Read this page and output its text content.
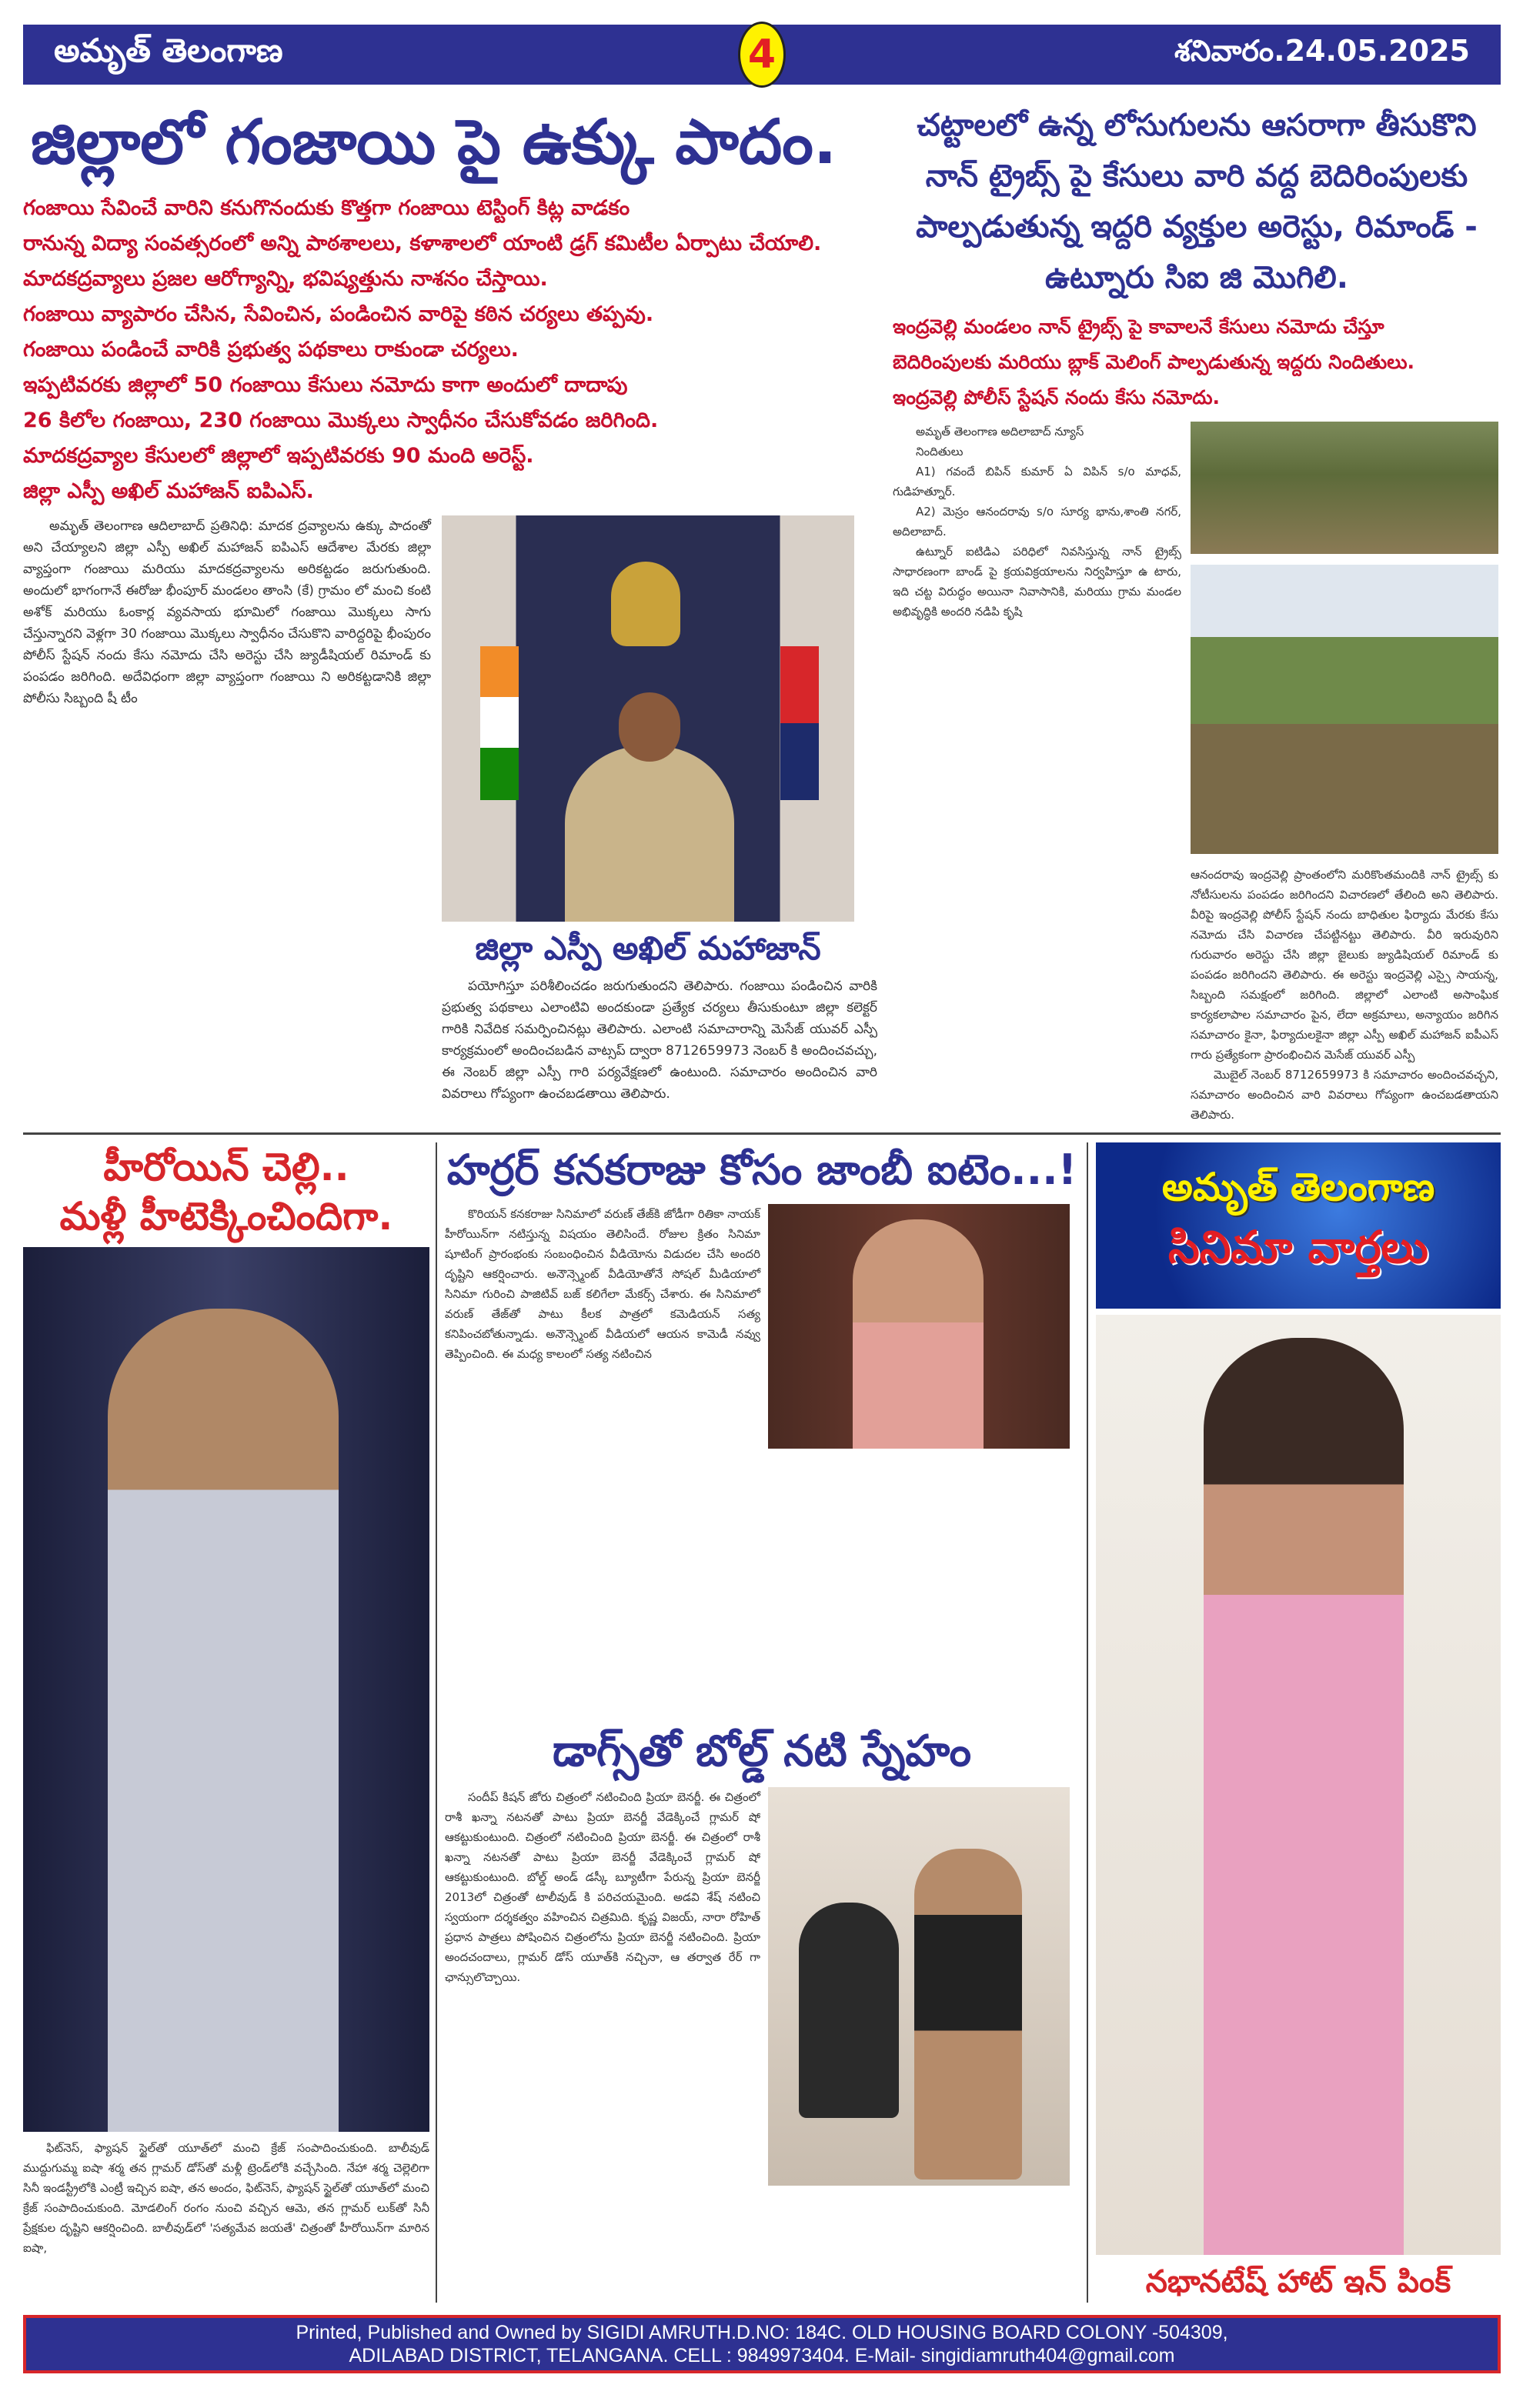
అమృత్ తెలంగాణ	4	శనివారం.24.05.2025
జిల్లాలో గంజాయి పై ఉక్కు పాదం.
గంజాయి సేవించే వారిని కనుగొనందుకు కొత్తగా గంజాయి టెస్టింగ్ కిట్ల వాడకం
రానున్న విద్యా సంవత్సరంలో అన్ని పాఠశాలలు, కళాశాలలో యాంటి డ్రగ్ కమిటీల ఏర్పాటు చేయాలి.
మాదకద్రవ్యాలు ప్రజల ఆరోగ్యాన్ని, భవిష్యత్తును నాశనం చేస్తాయి.
గంజాయి వ్యాపారం చేసిన, సేవించిన, పండించిన వారిపై కఠిన చర్యలు తప్పవు.
గంజాయి పండించే వారికి ప్రభుత్వ పథకాలు రాకుండా చర్యలు.
ఇప్పటివరకు జిల్లాలో 50 గంజాయి కేసులు నమోదు కాగా అందులో దాదాపు
26 కిలోల గంజాయి, 230 గంజాయి మొక్కలు స్వాధీనం చేసుకోవడం జరిగింది.
మాదకద్రవ్యాల కేసులలో జిల్లాలో ఇప్పటివరకు 90 మంది అరెస్ట్.
జిల్లా ఎస్పీ అఖిల్ మహాజన్ ఐపిఎస్.

అమృత్ తెలంగాణ ఆదిలాబాద్ ప్రతినిధి: మాదక ద్రవ్యాలను ఉక్కు పాదంతో అని చేయ్యాలని జిల్లా ఎస్పీ అఖిల్ మహాజన్ ఐపిఎస్ ఆదేశాల మేరకు జిల్లా వ్యాప్తంగా గంజాయి మరియు మాదకద్రవ్యాలను అరికట్టడం జరుగుతుంది. అందులో భాగంగానే ఈరోజు భీంపూర్ మండలం తాంసి (కే) గ్రామం లో మంచి కంటి అశోక్ మరియు ఓంకార్ల వ్యవసాయ భూమిలో గంజాయి మొక్కలు సాగు చేస్తున్నారని వెళ్లగా 30 గంజాయి మొక్కలు స్వాధీనం చేసుకొని వారిద్దరిపై భీంపురం పోలీస్ స్టేషన్ నందు కేసు నమోదు చేసి అరెస్టు చేసి జ్యుడీషియల్ రిమాండ్ కు పంపడం జరిగింది. అదేవిధంగా జిల్లా వ్యాప్తంగా గంజాయి ని అరికట్టడానికి జిల్లా పోలీసు సిబ్బంది షీ టీం

జిల్లా ఎస్పీ అఖిల్ మహాజాన్

పయోగిస్తూ పరిశీలించడం జరుగుతుందని తెలిపారు. గంజాయి పండించిన వారికి ప్రభుత్వ పథకాలు ఎలాంటివి అందకుండా ప్రత్యేక చర్యలు తీసుకుంటూ జిల్లా కలెక్టర్ గారికి నివేదిక సమర్పించినట్లు తెలిపారు. ఎలాంటి సమాచారాన్ని మెసేజ్ యువర్ ఎస్పీ కార్యక్రమంలో అందించబడిన వాట్సప్ ద్వారా 8712659973 నెంబర్ కి అందించవచ్చు, ఈ నెంబర్ జిల్లా ఎస్పీ గారి పర్యవేక్షణలో ఉంటుంది. సమాచారం అందించిన వారి వివరాలు గోప్యంగా ఉంచబడతాయి తెలిపారు.

చట్టాలలో ఉన్న లోసుగులను ఆసరాగా తీసుకొని నాన్ ట్రైబ్స్ పై కేసులు వారి వద్ద బెదిరింపులకు పాల్పడుతున్న ఇద్దరి వ్యక్తుల అరెస్టు, రిమాండ్ - ఉట్నూరు సిఐ జి మొగిలి.
ఇంద్రవెల్లి మండలం నాన్ ట్రైబ్స్ పై కావాలనే కేసులు నమోదు చేస్తూ
బెదిరింపులకు మరియు బ్లాక్ మెలింగ్ పాల్పడుతున్న ఇద్దరు నిందితులు.
ఇంద్రవెల్లి పోలీస్ స్టేషన్ నందు కేసు నమోదు.

అమృత్ తెలంగాణ అదిలాబాద్ న్యూస్

నిందితులు

A1) గవందే బిపిన్ కుమార్ ఏ విపిన్ s/o మాధవ్, గుడిహత్నూర్.

A2) మెస్రం ఆనందరావు s/o సూర్య భాను,శాంతి నగర్, అదిలాబాద్.

ఉట్నూర్ ఐటిడిఎ పరిధిలో నివసిస్తున్న నాన్ ట్రైబ్స్ సాధారణంగా బాండ్ పై క్రయవిక్రయాలను నిర్వహిస్తూ ఉ టారు, ఇది చట్ట విరుద్ధం అయినా నివాసానికి, మరియు గ్రామ మండల అభివృద్ధికి అందరి నడిపి కృషి

ఆనందరావు ఇంద్రవెల్లి ప్రాంతంలోని మరికొంతమందికి నాన్ ట్రైబ్స్ కు నోటీసులను పంపడం జరిగిందని విచారణలో తేలింది అని తెలిపారు. వీరిపై ఇంద్రవెల్లి పోలీస్ స్టేషన్ నందు బాధితుల ఫిర్యాదు మేరకు కేసు నమోదు చేసి విచారణ చేపట్టినట్టు తెలిపారు. వీరి ఇరువురిని గురువారం అరెస్టు చేసి జిల్లా జైలుకు జ్యుడిషియల్ రిమాండ్ కు పంపడం జరిగిందని తెలిపారు. ఈ అరెస్టు ఇంద్రవెల్లి ఎస్సై సాయన్న, సిబ్బంది సమక్షంలో జరిగింది. జిల్లాలో ఎలాంటి అసాంఘిక కార్యకలాపాల సమాచారం పైన, లేదా అక్రమాలు, అన్యాయం జరిగిన సమాచారం కైనా, ఫిర్యాదులకైనా జిల్లా ఎస్పీ అఖిల్ మహాజన్ ఐపీఎస్ గారు ప్రత్యేకంగా ప్రారంభించిన మెసేజ్ యువర్ ఎస్పీ

మొబైల్ నెంబర్ 8712659973 కి సమాచారం అందించవచ్చని, సమాచారం అందించిన వారి వివరాలు గోప్యంగా ఉంచబడతాయని తెలిపారు.

హీరోయిన్ చెల్లి..
మళ్లీ హీటెక్కించిందిగా.

ఫిట్‌నెస్, ఫ్యాషన్ స్టైల్‌తో యూత్‌లో మంచి క్రేజ్ సంపాదించుకుంది. బాలీవుడ్ ముద్దుగుమ్మ ఐషా శర్మ తన గ్లామర్ డోస్‌తో మళ్లీ ట్రెండ్‌లోకి వచ్చేసింది. నేహా శర్మ చెల్లెలిగా సినీ ఇండస్ట్రీలోకి ఎంట్రీ ఇచ్చిన ఐషా, తన అందం, ఫిట్‌నెస్, ఫ్యాషన్ స్టైల్‌తో యూత్‌లో మంచి క్రేజ్ సంపాదించుకుంది. మోడలింగ్ రంగం నుంచి వచ్చిన ఆమె, తన గ్లామర్ లుక్‌తో సినీ ప్రేక్షకుల దృష్టిని ఆకర్షించింది. బాలీవుడ్‌లో 'సత్యమేవ జయతే' చిత్రంతో హీరోయిన్‌గా మారిన ఐషా,

హర్రర్ కనకరాజు కోసం జాంబీ ఐటెం...!

కొరియన్ కనకరాజు సినిమాలో వరుణ్ తేజ్‌కి జోడీగా రితికా నాయక్ హీరోయిన్‌గా నటిస్తున్న విషయం తెలిసిందే. రోజుల క్రితం సినిమా షూటింగ్ ప్రారంభంకు సంబంధించిన వీడియోను విడుదల చేసి అందరి దృష్టిని ఆకర్షించారు. అనౌన్స్మెంట్ వీడియోతోనే సోషల్ మీడియాలో సినిమా గురించి పాజిటివ్ బజ్ కలిగేలా మేకర్స్ చేశారు. ఈ సినిమాలో వరుణ్ తేజ్‌తో పాటు కీలక పాత్రలో కమెడియన్ సత్య కనిపించబోతున్నాడు. అనౌన్స్మెంట్ వీడియలో ఆయన కామెడీ నవ్వు తెప్పించింది. ఈ మధ్య కాలంలో సత్య నటించిన

డాగ్స్‌తో బోల్డ్ నటి స్నేహం

సందీప్ కిషన్ జోరు చిత్రంలో నటించింది ప్రియా బెనర్జీ. ఈ చిత్రంలో రాశీ ఖన్నా నటనతో పాటు ప్రియా బెనర్జీ వేడెక్కించే గ్లామర్ షో ఆకట్టుకుంటుంది. చిత్రంలో నటించింది ప్రియా బెనర్జీ. ఈ చిత్రంలో రాశీ ఖన్నా నటనతో పాటు ప్రియా బెనర్జీ వేడెక్కించే గ్లామర్ షో ఆకట్టుకుంటుంది. బోల్డ్ అండ్ డస్కీ బ్యూటీగా పేరున్న ప్రియా బెనర్జీ 2013లో చిత్రంతో టాలీవుడ్ కి పరిచయమైంది. అడవి శేష్ నటించి స్వయంగా దర్శకత్వం వహించిన చిత్రమిది. కృష్ణ విజయ్, నారా రోహిత్ ప్రధాన పాత్రలు పోషించిన చిత్రంలోను ప్రియా బెనర్జీ నటించింది. ప్రియా అందచందాలు, గ్లామర్ డోస్ యూత్‌కి నచ్చినా, ఆ తర్వాత రేర్ గా ఛాన్సులొచ్చాయి.

అమృత్ తెలంగాణ
సినిమా వార్తలు
నభానటేష్ హాట్ ఇన్ పింక్
Printed, Published and Owned by SIGIDI AMRUTH.D.NO: 184C. OLD HOUSING BOARD COLONY -504309,
ADILABAD DISTRICT, TELANGANA. CELL : 9849973404. E-Mail- singidiamruth404@gmail.com
